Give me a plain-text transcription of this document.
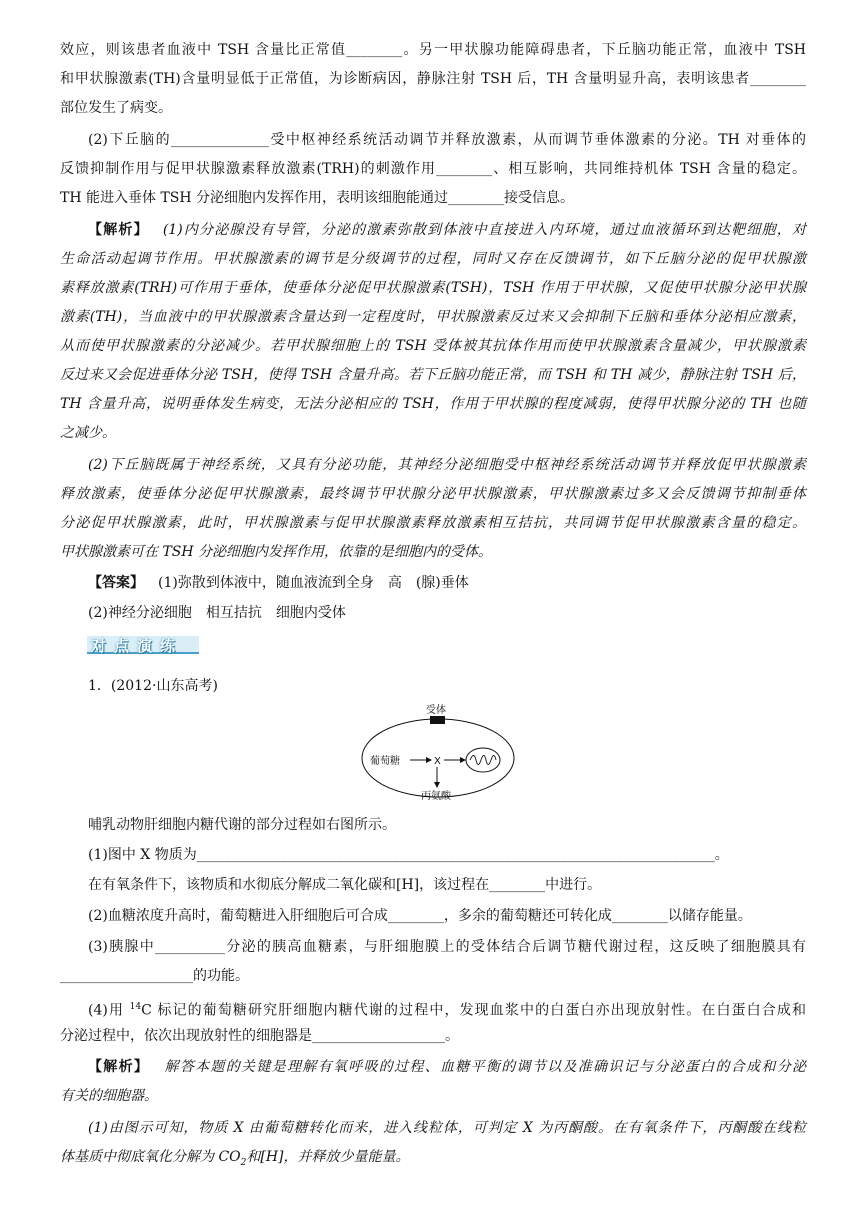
效应，则该患者血液中 TSH 含量比正常值________。另一甲状腺功能障碍患者，下丘脑功能正常，血液中 TSH
和甲状腺激素(TH)含量明显低于正常值，为诊断病因，静脉注射 TSH 后，TH 含量明显升高，表明该患者________
部位发生了病变。
(2)下丘脑的______________受中枢神经系统活动调节并释放激素，从而调节垂体激素的分泌。TH 对垂体的
反馈抑制作用与促甲状腺激素释放激素(TRH)的刺激作用________、相互影响，共同维持机体 TSH 含量的稳定。
TH 能进入垂体 TSH 分泌细胞内发挥作用，表明该细胞能通过________接受信息。
【解析】 (1)内分泌腺没有导管，分泌的激素弥散到体液中直接进入内环境，通过血液循环到达靶细胞，对
生命活动起调节作用。甲状腺激素的调节是分级调节的过程，同时又存在反馈调节，如下丘脑分泌的促甲状腺激
素释放激素(TRH)可作用于垂体，使垂体分泌促甲状腺激素(TSH)，TSH 作用于甲状腺，又促使甲状腺分泌甲状腺
激素(TH)，当血液中的甲状腺激素含量达到一定程度时，甲状腺激素反过来又会抑制下丘脑和垂体分泌相应激素，
从而使甲状腺激素的分泌减少。若甲状腺细胞上的 TSH 受体被其抗体作用而使甲状腺激素含量减少，甲状腺激素
反过来又会促进垂体分泌 TSH，使得 TSH 含量升高。若下丘脑功能正常，而 TSH 和 TH 减少，静脉注射 TSH 后，
TH 含量升高，说明垂体发生病变，无法分泌相应的 TSH，作用于甲状腺的程度减弱，使得甲状腺分泌的 TH 也随
之减少。
(2)下丘脑既属于神经系统，又具有分泌功能，其神经分泌细胞受中枢神经系统活动调节并释放促甲状腺激素
释放激素，使垂体分泌促甲状腺激素，最终调节甲状腺分泌甲状腺激素，甲状腺激素过多又会反馈调节抑制垂体
分泌促甲状腺激素，此时，甲状腺激素与促甲状腺激素释放激素相互拮抗，共同调节促甲状腺激素含量的稳定。
甲状腺激素可在 TSH 分泌细胞内发挥作用，依靠的是细胞内的受体。
【答案】 (1)弥散到体液中，随血液流到全身 高 (腺)垂体
(2)神经分泌细胞 相互拮抗 细胞内受体
对点演练
1．(2012·山东高考)
受体
葡萄糖	X
丙氨酸
哺乳动物肝细胞内糖代谢的部分过程如右图所示。
(1)图中 X 物质为__________________________________________________________________________。
在有氧条件下，该物质和水彻底分解成二氧化碳和[H]，该过程在________中进行。
(2)血糖浓度升高时，葡萄糖进入肝细胞后可合成________，多余的葡萄糖还可转化成________以储存能量。
(3)胰腺中__________分泌的胰高血糖素，与肝细胞膜上的受体结合后调节糖代谢过程，这反映了细胞膜具有
___________________的功能。
(4)用 $^{14}$C 标记的葡萄糖研究肝细胞内糖代谢的过程中，发现血浆中的白蛋白亦出现放射性。在白蛋白合成和
分泌过程中，依次出现放射性的细胞器是___________________。
【解析】 解答本题的关键是理解有氧呼吸的过程、血糖平衡的调节以及准确识记与分泌蛋白的合成和分泌
有关的细胞器。
(1)由图示可知，物质 X 由葡萄糖转化而来，进入线粒体，可判定 X 为丙酮酸。在有氧条件下，丙酮酸在线粒
体基质中彻底氧化分解为 $CO_2$和[H]，并释放少量能量。
